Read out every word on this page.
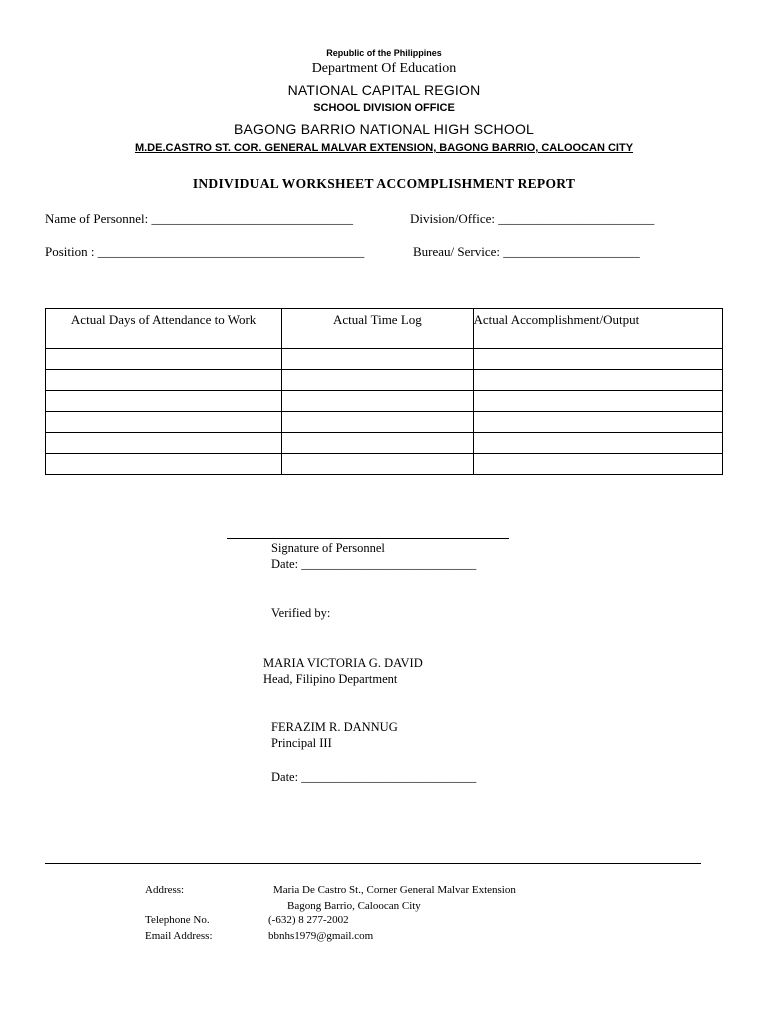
Republic of the Philippines
Department Of Education
NATIONAL CAPITAL REGION
SCHOOL DIVISION OFFICE
BAGONG BARRIO NATIONAL HIGH SCHOOL
M.DE.CASTRO ST. COR. GENERAL MALVAR EXTENSION, BAGONG BARRIO, CALOOCAN CITY
INDIVIDUAL WORKSHEET ACCOMPLISHMENT REPORT
Name of Personnel: _______________________________	Division/Office: ________________________
Position : _________________________________________	Bureau/ Service: _____________________
Actual Days of Attendance to Work	Actual Time Log	Actual Accomplishment/Output

Signature of Personnel
Date: ____________________________
Verified by:
MARIA VICTORIA G. DAVID
Head, Filipino Department
FERAZIM R. DANNUG
Principal III
Date: ____________________________
Address:	Maria De Castro St., Corner General Malvar Extension
Bagong Barrio, Caloocan City
Telephone No.	(-632) 8 277-2002
Email Address:	bbnhs1979@gmail.com
